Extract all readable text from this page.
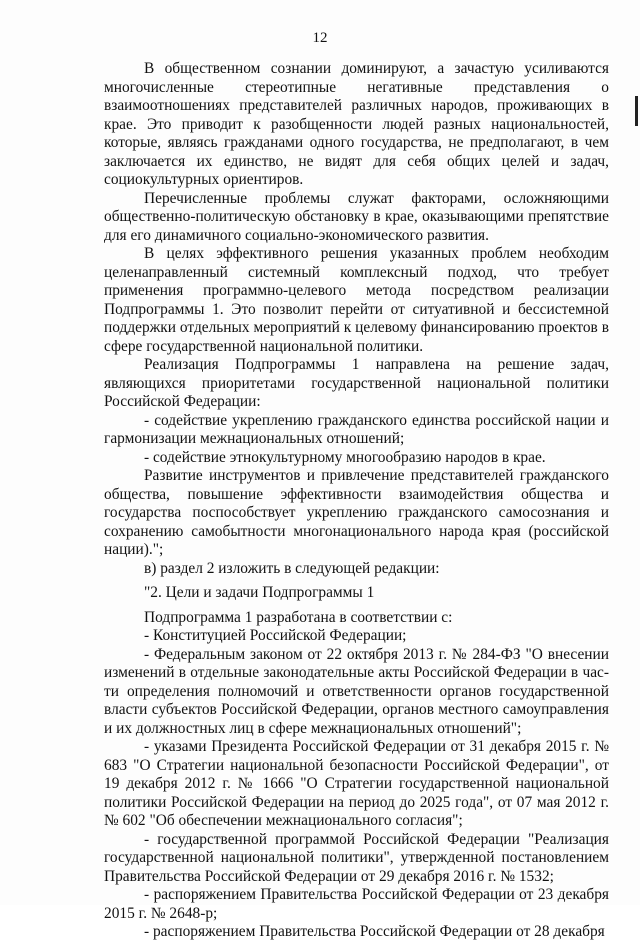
12

В общественном сознании доминируют, а зачастую усиливаются многочисленные стереотипные негативные представления о взаимоотношениях представителей различных народов, проживающих в крае. Это приводит к разобщенности людей разных национальностей, которые, являясь гражданами одного государства, не предполагают, в чем заключается их единство, не видят для себя общих целей и задач, социокультурных ориентиров.

Перечисленные проблемы служат факторами, осложняющими общественно-политическую обстановку в крае, оказывающими препятствие для его динамичного социально-экономического развития.

В целях эффективного решения указанных проблем необходим целенаправленный системный комплексный подход, что требует применения программно-целевого метода посредством реализации Подпрограммы 1. Это позволит перейти от ситуативной и бессистемной поддержки отдельных мероприятий к целевому финансированию проектов в сфере государственной национальной политики.

Реализация Подпрограммы 1 направлена на решение задач, являющихся приоритетами государственной национальной политики Российской Федерации:

- содействие укреплению гражданского единства российской нации и гармонизации межнациональных отношений;

- содействие этнокультурному многообразию народов в крае.

Развитие инструментов и привлечение представителей гражданского общества, повышение эффективности взаимодействия общества и государства поспособствует укреплению гражданского самосознания и сохранению самобытности многонационального народа края (российской нации).";

в) раздел 2 изложить в следующей редакции:

"2. Цели и задачи Подпрограммы 1

Подпрограмма 1 разработана в соответствии с:

- Конституцией Российской Федерации;

- Федеральным законом от 22 октября 2013 г. № 284-ФЗ "О внесении изменений в отдельные законодательные акты Российской Федерации в части определения полномочий и ответственности органов государственной власти субъектов Российской Федерации, органов местного самоуправления и их должностных лиц в сфере межнациональных отношений";

- указами Президента Российской Федерации от 31 декабря 2015 г. № 683 "О Стратегии национальной безопасности Российской Федерации", от 19 декабря 2012 г. № 1666 "О Стратегии государственной национальной политики Российской Федерации на период до 2025 года", от 07 мая 2012 г. № 602 "Об обеспечении межнационального согласия";

- государственной программой Российской Федерации "Реализация государственной национальной политики", утвержденной постановлением Правительства Российской Федерации от 29 декабря 2016 г. № 1532;

- распоряжением Правительства Российской Федерации от 23 декабря 2015 г. № 2648-р;

- распоряжением Правительства Российской Федерации от 28 декабря
